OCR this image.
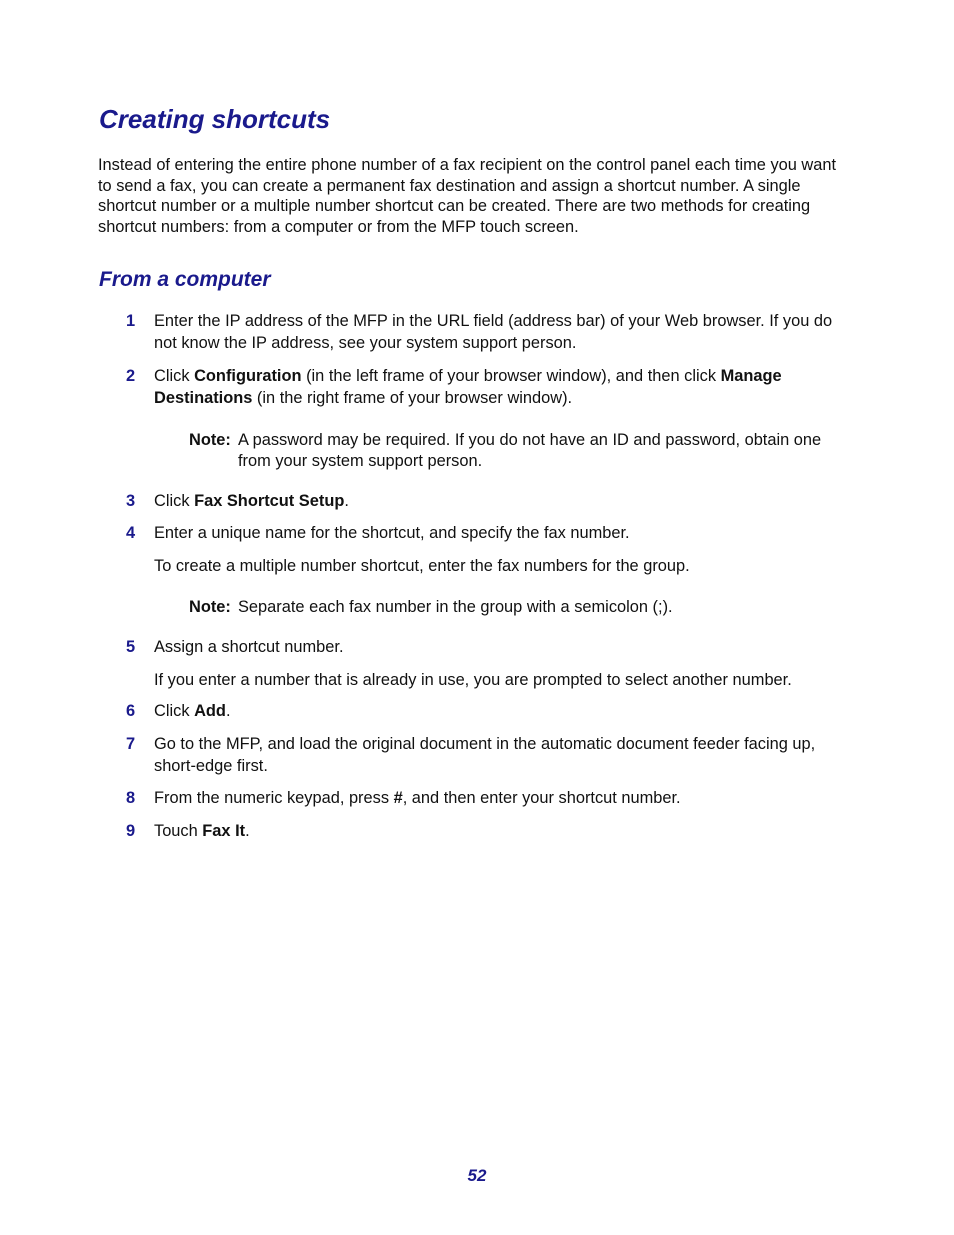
Creating shortcuts

Instead of entering the entire phone number of a fax recipient on the control panel each time you want to send a fax, you can create a permanent fax destination and assign a shortcut number. A single shortcut number or a multiple number shortcut can be created. There are two methods for creating shortcut numbers: from a computer or from the MFP touch screen.

From a computer
1 Enter the IP address of the MFP in the URL field (address bar) of your Web browser. If you do not know the IP address, see your system support person.
2 Click Configuration (in the left frame of your browser window), and then click Manage Destinations (in the right frame of your browser window).
Note: A password may be required. If you do not have an ID and password, obtain one from your system support person.
3 Click Fax Shortcut Setup.
4 Enter a unique name for the shortcut, and specify the fax number.
To create a multiple number shortcut, enter the fax numbers for the group.
Note: Separate each fax number in the group with a semicolon (;).
5 Assign a shortcut number.
If you enter a number that is already in use, you are prompted to select another number.
6 Click Add.
7 Go to the MFP, and load the original document in the automatic document feeder facing up, short-edge first.
8 From the numeric keypad, press #, and then enter your shortcut number.
9 Touch Fax It.
52
